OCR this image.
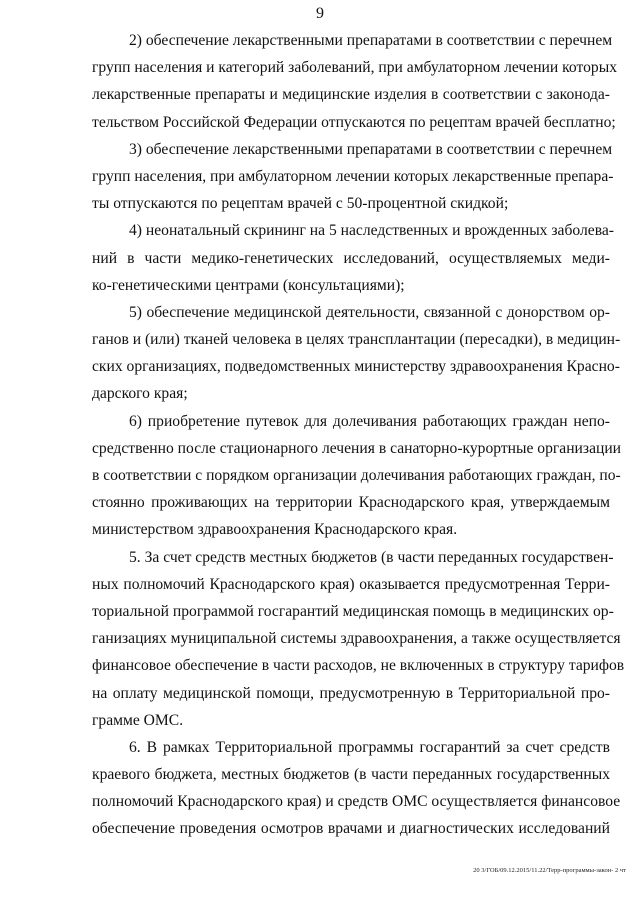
9
2) обеспечение лекарственными препаратами в соответствии с перечнем
групп населения и категорий заболеваний, при амбулаторном лечении которых
лекарственные препараты и медицинские изделия в соответствии с законода-
тельством Российской Федерации отпускаются по рецептам врачей бесплатно;
3) обеспечение лекарственными препаратами в соответствии с перечнем
групп населения, при амбулаторном лечении которых лекарственные препара-
ты отпускаются по рецептам врачей с 50-процентной скидкой;
4) неонатальный скрининг на 5 наследственных и врожденных заболева-
ний в части медико-генетических исследований, осуществляемых меди-
ко-генетическими центрами (консультациями);
5) обеспечение медицинской деятельности, связанной с донорством ор-
ганов и (или) тканей человека в целях трансплантации (пересадки), в медицин-
ских организациях, подведомственных министерству здравоохранения Красно-
дарского края;
6) приобретение путевок для долечивания работающих граждан непо-
средственно после стационарного лечения в санаторно-курортные организации
в соответствии с порядком организации долечивания работающих граждан, по-
стоянно проживающих на территории Краснодарского края, утверждаемым
министерством здравоохранения Краснодарского края.
5. За счет средств местных бюджетов (в части переданных государствен-
ных полномочий Краснодарского края) оказывается предусмотренная Терри-
ториальной программой госгарантий медицинская помощь в медицинских ор-
ганизациях муниципальной системы здравоохранения, а также осуществляется
финансовое обеспечение в части расходов, не включенных в структуру тарифов
на оплату медицинской помощи, предусмотренную в Территориальной про-
грамме ОМС.
6. В рамках Территориальной программы госгарантий за счет средств
краевого бюджета, местных бюджетов (в части переданных государственных
полномочий Краснодарского края) и средств ОМС осуществляется финансовое
обеспечение проведения осмотров врачами и диагностических исследований
20 3/ГОБ/09.12.2015/11.22/Терр-программы-закон- 2 чт
